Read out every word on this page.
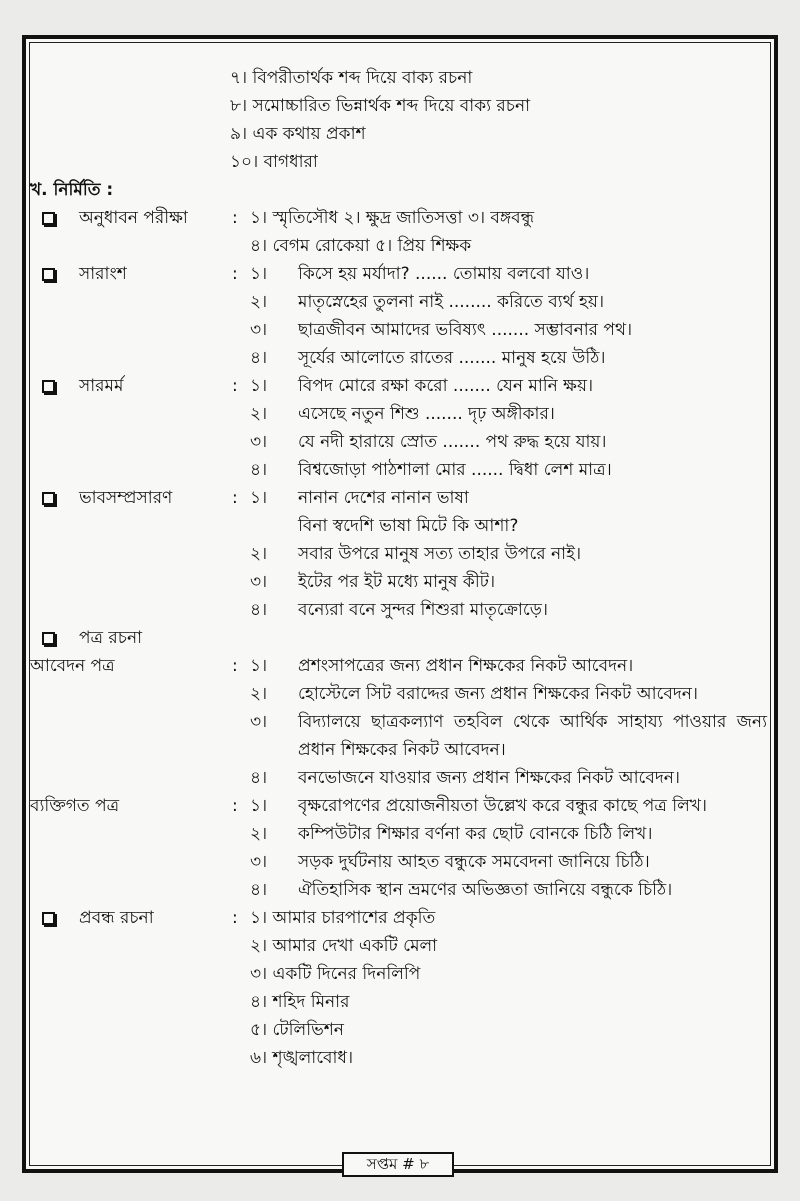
৭। বিপরীতার্থক শব্দ দিয়ে বাক্য রচনা
৮। সমোচ্চারিত ভিন্নার্থক শব্দ দিয়ে বাক্য রচনা
৯। এক কথায় প্রকাশ
১০। বাগধারা
খ. নির্মিতি :
অনুধাবন পরীক্ষা	: ১। স্মৃতিসৌধ ২। ক্ষুদ্র জাতিসত্তা ৩। বঙ্গবন্ধু
৪। বেগম রোকেয়া ৫। প্রিয় শিক্ষক
সারাংশ	: ১।	কিসে হয় মর্যাদা? ...... তোমায় বলবো যাও।
২।	মাতৃস্নেহের তুলনা নাই ........ করিতে ব্যর্থ হয়।
৩।	ছাত্রজীবন আমাদের ভবিষ্যৎ ....... সম্ভাবনার পথ।
৪।	সূর্যের আলোতে রাতের ....... মানুষ হয়ে উঠি।
সারমর্ম	: ১।	বিপদ মোরে রক্ষা করো ....... যেন মানি ক্ষয়।
২।	এসেছে নতুন শিশু ....... দৃঢ় অঙ্গীকার।
৩।	যে নদী হারায়ে স্রোত ....... পথ রুদ্ধ হয়ে যায়।
৪।	বিশ্বজোড়া পাঠশালা মোর ...... দ্বিধা লেশ মাত্র।
ভাবসম্প্রসারণ	: ১।	নানান দেশের নানান ভাষা
বিনা স্বদেশি ভাষা মিটে কি আশা?
২।	সবার উপরে মানুষ সত্য তাহার উপরে নাই।
৩।	ইটের পর ইট মধ্যে মানুষ কীট।
৪।	বন্যেরা বনে সুন্দর শিশুরা মাতৃক্রোড়ে।
পত্র রচনা
আবেদন পত্র	: ১।	প্রশংসাপত্রের জন্য প্রধান শিক্ষকের নিকট আবেদন।
২।	হোস্টেলে সিট বরাদ্দের জন্য প্রধান শিক্ষকের নিকট আবেদন।
৩।	বিদ্যালয়ে ছাত্রকল্যাণ তহবিল থেকে আর্থিক সাহায্য পাওয়ার জন্য প্রধান শিক্ষকের নিকট আবেদন।
৪।	বনভোজনে যাওয়ার জন্য প্রধান শিক্ষকের নিকট আবেদন।
ব্যক্তিগত পত্র	: ১।	বৃক্ষরোপণের প্রয়োজনীয়তা উল্লেখ করে বন্ধুর কাছে পত্র লিখ।
২।	কম্পিউটার শিক্ষার বর্ণনা কর ছোট বোনকে চিঠি লিখ।
৩।	সড়ক দুর্ঘটনায় আহত বন্ধুকে সমবেদনা জানিয়ে চিঠি।
৪।	ঐতিহাসিক স্থান ভ্রমণের অভিজ্ঞতা জানিয়ে বন্ধুকে চিঠি।
প্রবন্ধ রচনা	: ১। আমার চারপাশের প্রকৃতি
২। আমার দেখা একটি মেলা
৩। একটি দিনের দিনলিপি
৪। শহিদ মিনার
৫। টেলিভিশন
৬। শৃঙ্খলাবোধ।
সপ্তম # ৮
